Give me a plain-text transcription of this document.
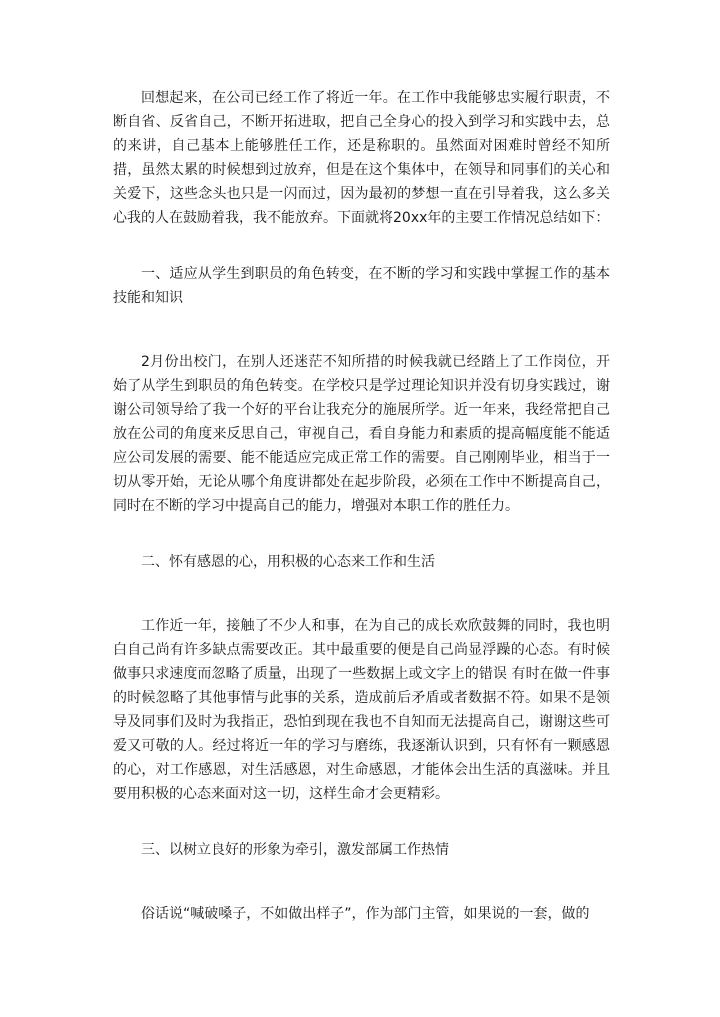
回想起来，在公司已经工作了将近一年。在工作中我能够忠实履行职责，不断自省、反省自己，不断开拓进取，把自己全身心的投入到学习和实践中去，总的来讲，自己基本上能够胜任工作，还是称职的。虽然面对困难时曾经不知所措，虽然太累的时候想到过放弃，但是在这个集体中，在领导和同事们的关心和关爱下，这些念头也只是一闪而过，因为最初的梦想一直在引导着我，这么多关心我的人在鼓励着我，我不能放弃。下面就将20xx年的主要工作情况总结如下：

一、适应从学生到职员的角色转变，在不断的学习和实践中掌握工作的基本技能和知识

2月份出校门，在别人还迷茫不知所措的时候我就已经踏上了工作岗位，开始了从学生到职员的角色转变。在学校只是学过理论知识并没有切身实践过，谢谢公司领导给了我一个好的平台让我充分的施展所学。近一年来，我经常把自己放在公司的角度来反思自己，审视自己，看自身能力和素质的提高幅度能不能适应公司发展的需要、能不能适应完成正常工作的需要。自己刚刚毕业，相当于一切从零开始，无论从哪个角度讲都处在起步阶段，必须在工作中不断提高自己，同时在不断的学习中提高自己的能力，增强对本职工作的胜任力。

二、怀有感恩的心，用积极的心态来工作和生活

工作近一年，接触了不少人和事，在为自己的成长欢欣鼓舞的同时，我也明白自己尚有许多缺点需要改正。其中最重要的便是自己尚显浮躁的心态。有时候做事只求速度而忽略了质量，出现了一些数据上或文字上的错误 有时在做一件事的时候忽略了其他事情与此事的关系，造成前后矛盾或者数据不符。如果不是领导及同事们及时为我指正，恐怕到现在我也不自知而无法提高自己，谢谢这些可爱又可敬的人。经过将近一年的学习与磨练，我逐渐认识到，只有怀有一颗感恩的心，对工作感恩，对生活感恩，对生命感恩，才能体会出生活的真滋味。并且要用积极的心态来面对这一切，这样生命才会更精彩。

三、以树立良好的形象为牵引，激发部属工作热情

俗话说“喊破嗓子，不如做出样子”，作为部门主管，如果说的一套，做的
